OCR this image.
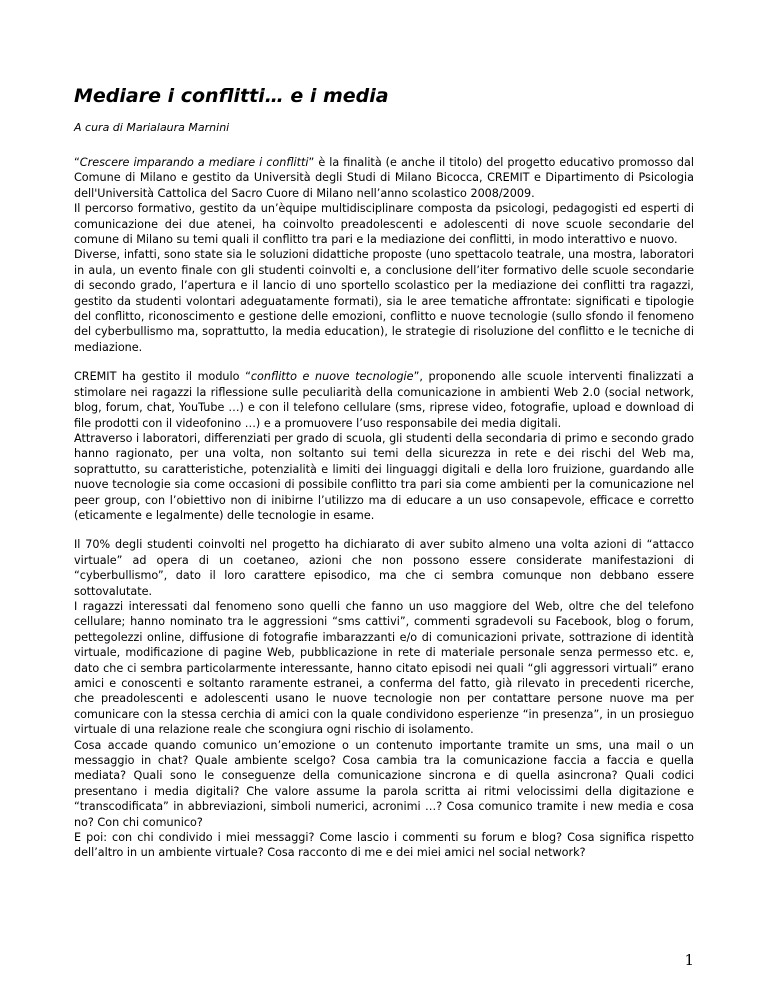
Mediare i conflitti… e i media

A cura di Marialaura Marnini

“Crescere imparando a mediare i conflitti” è la finalità (e anche il titolo) del progetto educativo promosso dal Comune di Milano e gestito da Università degli Studi di Milano Bicocca, CREMIT e Dipartimento di Psicologia dell'Università Cattolica del Sacro Cuore di Milano nell’anno scolastico 2008/2009.

Il percorso formativo, gestito da un’èquipe multidisciplinare composta da psicologi, pedagogisti ed esperti di comunicazione dei due atenei, ha coinvolto preadolescenti e adolescenti di nove scuole secondarie del comune di Milano su temi quali il conflitto tra pari e la mediazione dei conflitti, in modo interattivo e nuovo.

Diverse, infatti, sono state sia le soluzioni didattiche proposte (uno spettacolo teatrale, una mostra, laboratori in aula, un evento finale con gli studenti coinvolti e, a conclusione dell’iter formativo delle scuole secondarie di secondo grado, l’apertura e il lancio di uno sportello scolastico per la mediazione dei conflitti tra ragazzi, gestito da studenti volontari adeguatamente formati), sia le aree tematiche affrontate: significati e tipologie del conflitto, riconoscimento e gestione delle emozioni, conflitto e nuove tecnologie (sullo sfondo il fenomeno del cyberbullismo ma, soprattutto, la media education), le strategie di risoluzione del conflitto e le tecniche di mediazione.

CREMIT ha gestito il modulo “conflitto e nuove tecnologie”, proponendo alle scuole interventi finalizzati a stimolare nei ragazzi la riflessione sulle peculiarità della comunicazione in ambienti Web 2.0 (social network, blog, forum, chat, YouTube …) e con il telefono cellulare (sms, riprese video, fotografie, upload e download di file prodotti con il videofonino …) e a promuovere l’uso responsabile dei media digitali.

Attraverso i laboratori, differenziati per grado di scuola, gli studenti della secondaria di primo e secondo grado hanno ragionato, per una volta, non soltanto sui temi della sicurezza in rete e dei rischi del Web ma, soprattutto, su caratteristiche, potenzialità e limiti dei linguaggi digitali e della loro fruizione, guardando alle nuove tecnologie sia come occasioni di possibile conflitto tra pari sia come ambienti per la comunicazione nel peer group, con l’obiettivo non di inibirne l’utilizzo ma di educare a un uso consapevole, efficace e corretto (eticamente e legalmente) delle tecnologie in esame.

Il 70% degli studenti coinvolti nel progetto ha dichiarato di aver subito almeno una volta azioni di “attacco virtuale” ad opera di un coetaneo, azioni che non possono essere considerate manifestazioni di “cyberbullismo”, dato il loro carattere episodico, ma che ci sembra comunque non debbano essere sottovalutate.

I ragazzi interessati dal fenomeno sono quelli che fanno un uso maggiore del Web, oltre che del telefono cellulare; hanno nominato tra le aggressioni “sms cattivi”, commenti sgradevoli su Facebook, blog o forum, pettegolezzi online, diffusione di fotografie imbarazzanti e/o di comunicazioni private, sottrazione di identità virtuale, modificazione di pagine Web, pubblicazione in rete di materiale personale senza permesso etc. e, dato che ci sembra particolarmente interessante, hanno citato episodi nei quali “gli aggressori virtuali” erano amici e conoscenti e soltanto raramente estranei, a conferma del fatto, già rilevato in precedenti ricerche, che preadolescenti e adolescenti usano le nuove tecnologie non per contattare persone nuove ma per comunicare con la stessa cerchia di amici con la quale condividono esperienze “in presenza”, in un prosieguo virtuale di una relazione reale che scongiura ogni rischio di isolamento.

Cosa accade quando comunico un’emozione o un contenuto importante tramite un sms, una mail o un messaggio in chat? Quale ambiente scelgo? Cosa cambia tra la comunicazione faccia a faccia e quella mediata? Quali sono le conseguenze della comunicazione sincrona e di quella asincrona? Quali codici presentano i media digitali? Che valore assume la parola scritta ai ritmi velocissimi della digitazione e “transcodificata” in abbreviazioni, simboli numerici, acronimi …? Cosa comunico tramite i new media e cosa no? Con chi comunico?

E poi: con chi condivido i miei messaggi? Come lascio i commenti su forum e blog? Cosa significa rispetto dell’altro in un ambiente virtuale? Cosa racconto di me e dei miei amici nel social network?

1
